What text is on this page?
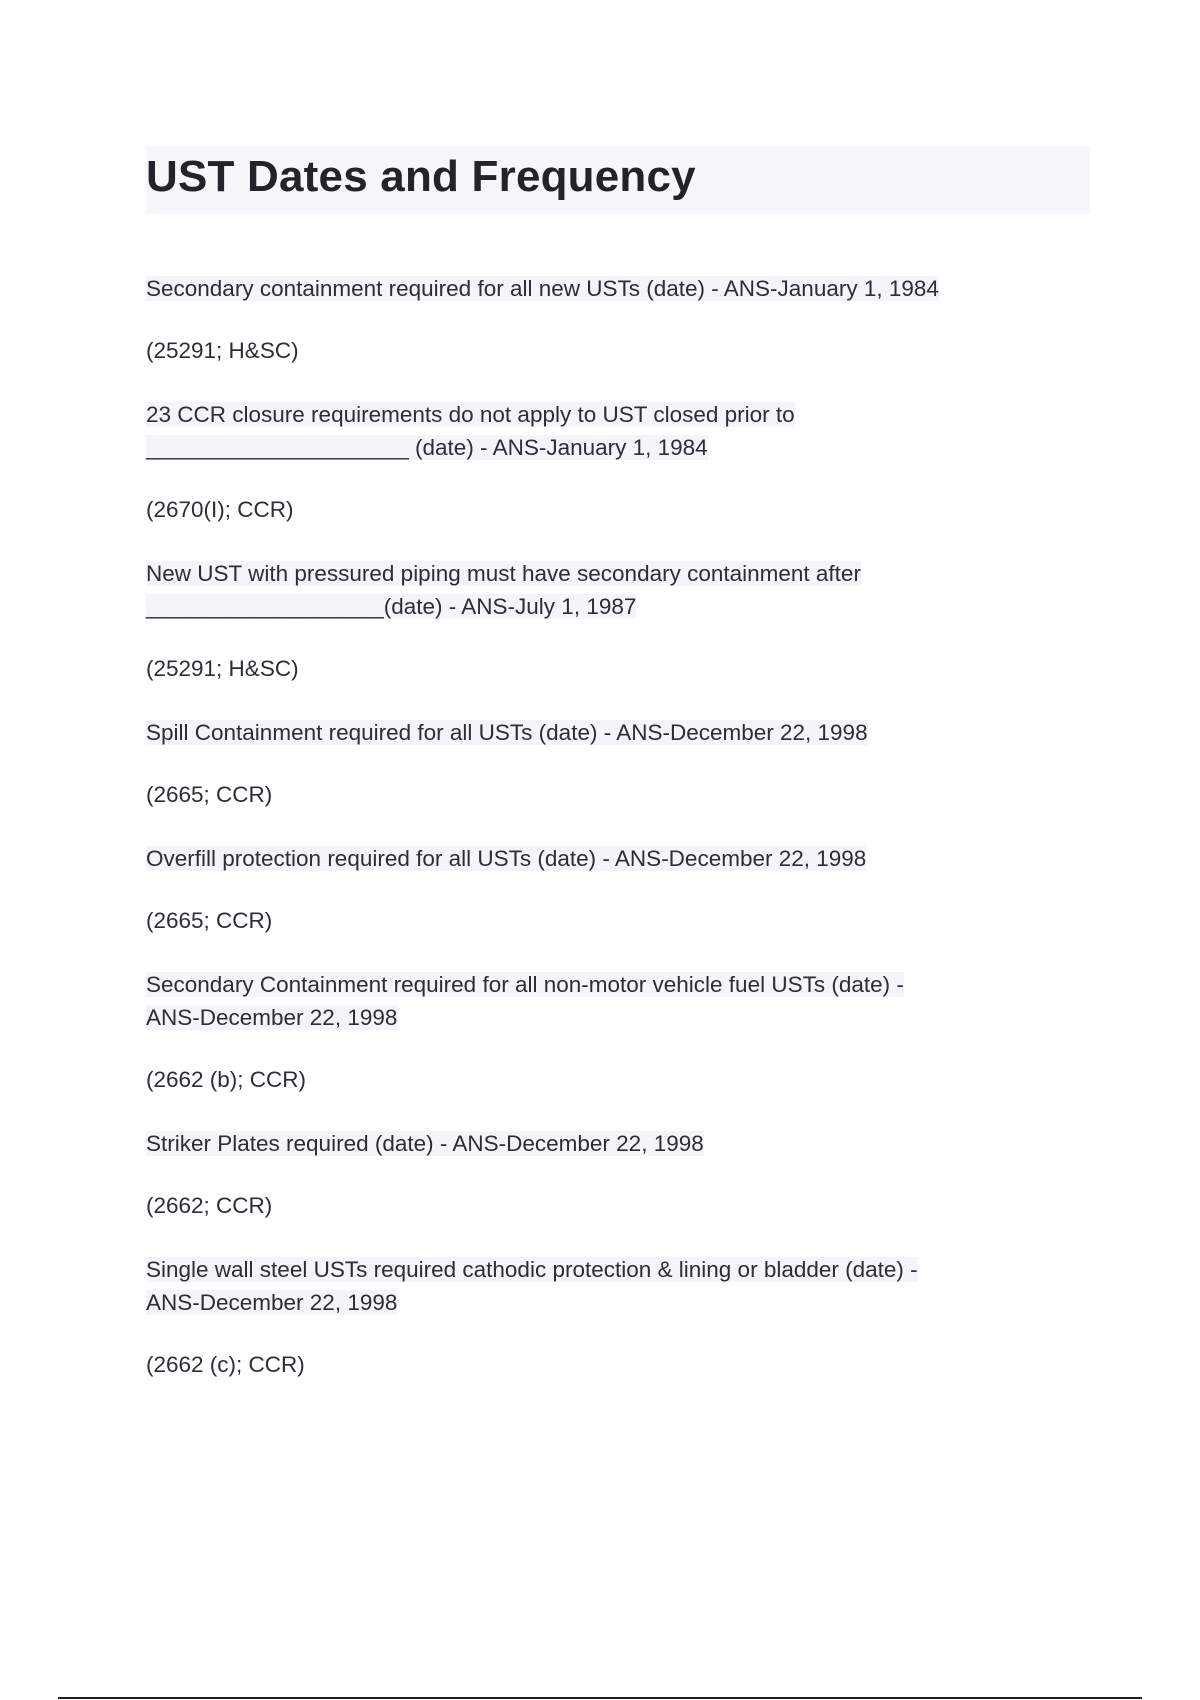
UST Dates and Frequency

Secondary containment required for all new USTs (date) - ANS-January 1, 1984

(25291; H&SC)

23 CCR closure requirements do not apply to UST closed prior to
_____________________ (date) - ANS-January 1, 1984

(2670(I); CCR)

New UST with pressured piping must have secondary containment after
___________________(date) - ANS-July 1, 1987

(25291; H&SC)

Spill Containment required for all USTs (date) - ANS-December 22, 1998

(2665; CCR)

Overfill protection required for all USTs (date) - ANS-December 22, 1998

(2665; CCR)

Secondary Containment required for all non-motor vehicle fuel USTs (date) -
ANS-December 22, 1998

(2662 (b); CCR)

Striker Plates required (date) - ANS-December 22, 1998

(2662; CCR)

Single wall steel USTs required cathodic protection & lining or bladder (date) -
ANS-December 22, 1998

(2662 (c); CCR)
